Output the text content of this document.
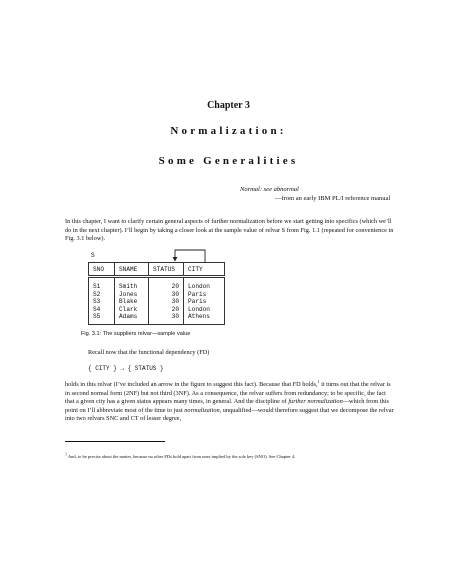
Chapter 3
Normalization:
Some Generalities
Normal: see abnormal
—from an early IBM PL/I reference manual
In this chapter, I want to clarify certain general aspects of further normalization before we start getting into specifics (which we’ll do in the next chapter). I’ll begin by taking a closer look at the sample value of relvar S from Fig. 1.1 (repeated for convenience in Fig. 3.1 below).
S
SNO	SNAME	STATUS	CITY
S1	Smith	20	London
S2	Jones	30	Paris
S3	Blake	30	Paris
S4	Clark	20	London
S5	Adams	30	Athens
Fig. 3.1: The suppliers relvar—sample value
Recall now that the functional dependency (FD)
{ CITY } → { STATUS }
holds in this relvar (I’ve included an arrow in the figure to suggest this fact). Because that FD holds,$^1$ it turns out that the relvar is in second normal form (2NF) but not third (3NF). As a consequence, the relvar suffers from redundancy; to be specific, the fact that a given city has a given status appears many times, in general. And the discipline of further normalization—which from this point on I’ll abbreviate most of the time to just normalization, unqualified—would therefore suggest that we decompose the relvar into two relvars SNC and CT of lesser degree,
$^1$ And, to be precise about the matter, because no other FDs hold apart from ones implied by the sole key (SNO). See Chapter 4.
